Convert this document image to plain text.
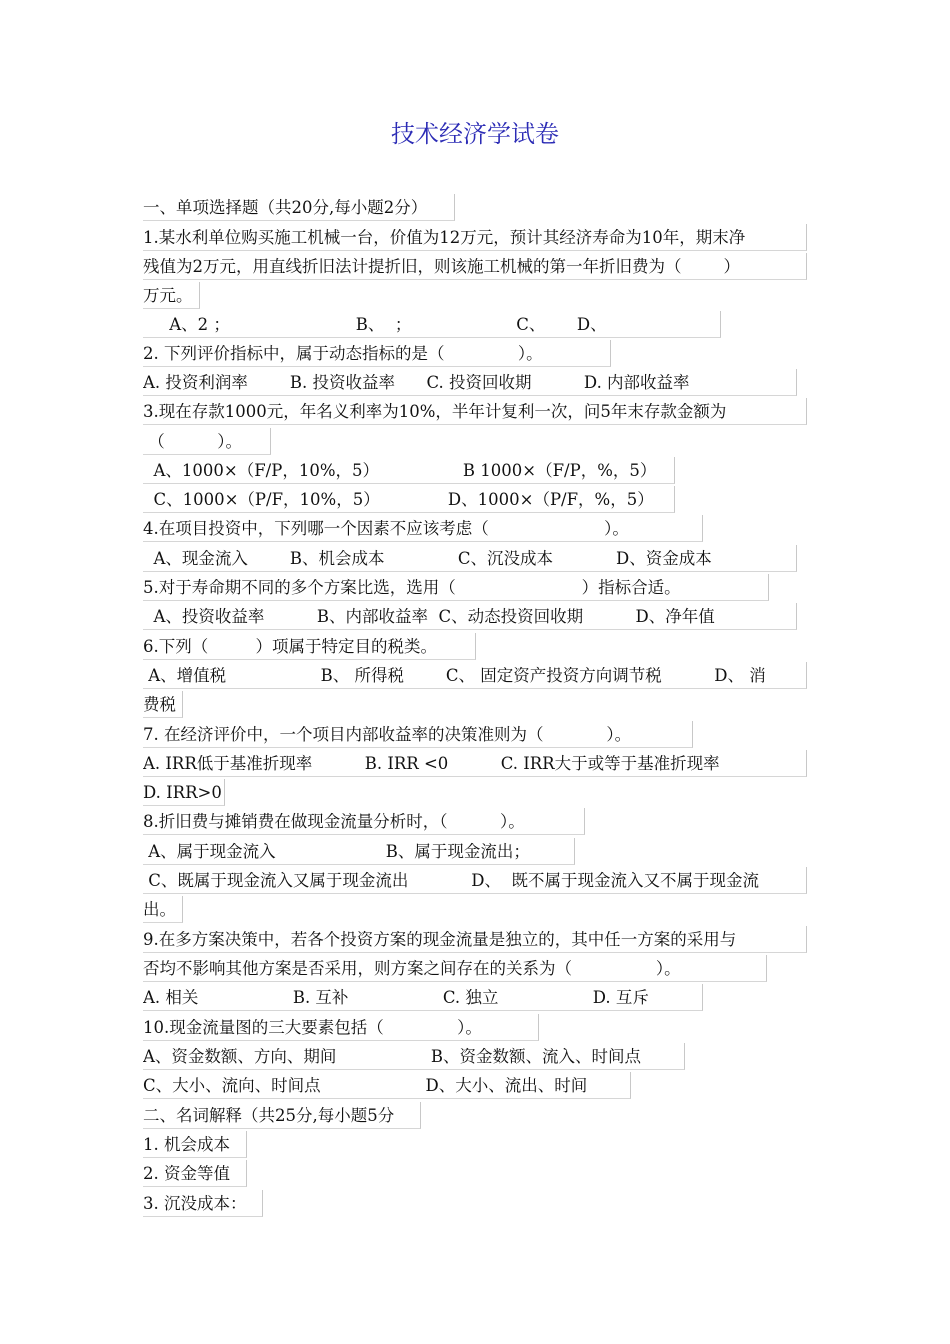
技术经济学试卷
一、单项选择题（共20分,每小题2分）
1.某水利单位购买施工机械一台，价值为12万元，预计其经济寿命为10年，期末净
残值为2万元，用直线折旧法计提折旧，则该施工机械的第一年折旧费为（        ）
万元。
A、2 ；                        B、  ；                    C、      D、
2. 下列评价指标中，属于动态指标的是（              ）。
A. 投资利润率        B. 投资收益率      C. 投资回收期          D. 内部收益率
3.现在存款1000元，年名义利率为10%，半年计复利一次，问5年末存款金额为
（          ）。
A、1000×（F/P，10%，5）                Β 1000×（F/P，%，5）
C、1000×（P/F，10%，5）             D、1000×（P/F，%，5）
4.在项目投资中，下列哪一个因素不应该考虑（                      ）。
A、现金流入        B、机会成本              C、沉没成本            D、资金成本
5.对于寿命期不同的多个方案比选，选用（                        ）指标合适。
A、投资收益率          B、内部收益率  C、动态投资回收期          D、净年值
6.下列（         ）项属于特定目的税类。
A、增值税                  B、 所得税        C、 固定资产投资方向调节税          D、 消
费税
7. 在经济评价中，一个项目内部收益率的决策准则为（            ）。
A. IRR低于基准折现率          B. IRR <0          C. IRR大于或等于基准折现率
D. IRR>0
8.折旧费与摊销费在做现金流量分析时，（          ）。
A、属于现金流入                     B、属于现金流出；
C、既属于现金流入又属于现金流出            D、  既不属于现金流入又不属于现金流
出。
9.在多方案决策中，若各个投资方案的现金流量是独立的，其中任一方案的采用与
否均不影响其他方案是否采用，则方案之间存在的关系为（                ）。
A. 相关                  B. 互补                  C. 独立                  D. 互斥
10.现金流量图的三大要素包括（              ）。
A、资金数额、方向、期间                  B、资金数额、流入、时间点
C、大小、流向、时间点                    D、大小、流出、时间
二、名词解释（共25分,每小题5分
1. 机会成本
2. 资金等值
3. 沉没成本：
